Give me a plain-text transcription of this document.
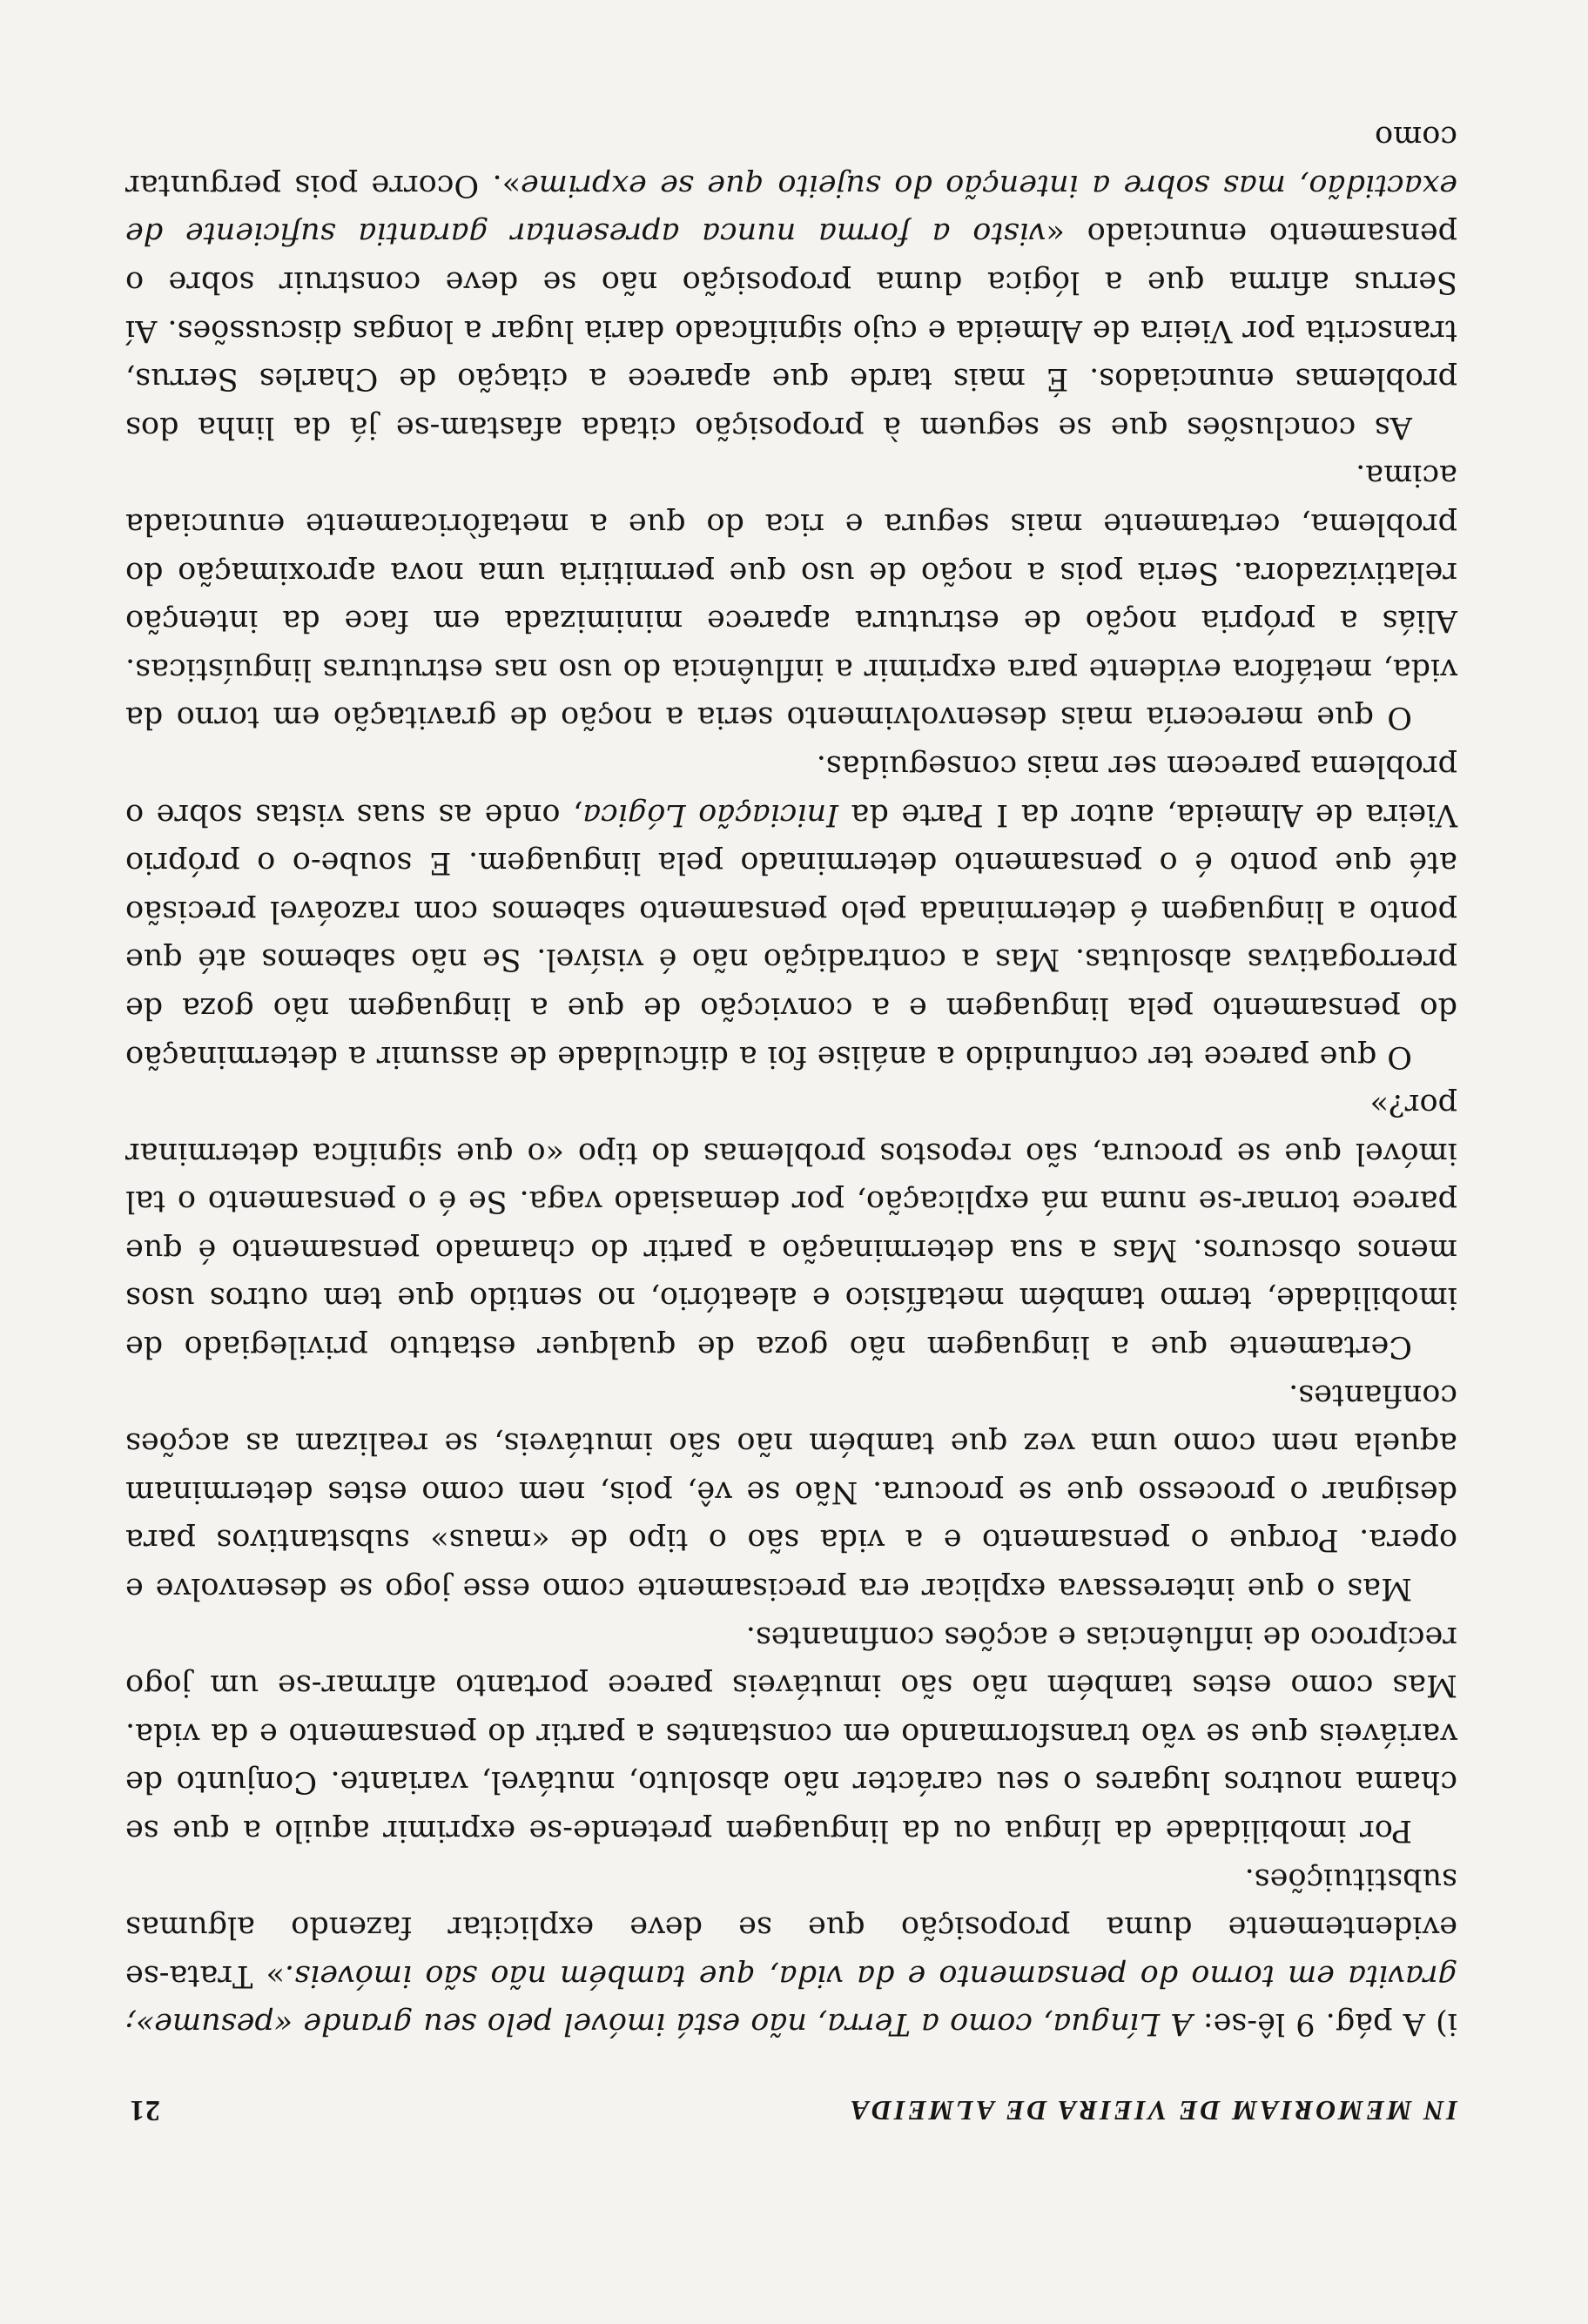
IN MEMORIAM DE VIEIRA DE ALMEIDA
21

i) A pág. 9 lê-se: A Língua, como a Terra, não está imóvel pelo seu grande «pesume»; gravita em torno do pensamento e da vida, que também não são imóveis.» Trata-se evidentemente duma proposição que se deve explicitar fazendo algumas substituições.

Por imobilidade da língua ou da linguagem pretende-se exprimir aquilo a que se chama noutros lugares o seu carácter não absoluto, mutável, variante. Conjunto de variáveis que se vão transformando em constantes a partir do pensamento e da vida. Mas como estes também não são imutáveis parece portanto afirmar-se um jogo recíproco de influências e acções confinantes.

Mas o que interessava explicar era precisamente como esse jogo se desenvolve e opera. Porque o pensamento e a vida são o tipo de «maus» substantivos para designar o processo que se procura. Não se vê, pois, nem como estes determinam aquela nem como uma vez que também não são imutáveis, se realizam as acções confiantes.

Certamente que a linguagem não goza de qualquer estatuto privilegiado de imobilidade, termo também metafísico e aleatório, no sentido que tem outros usos menos obscuros. Mas a sua determinação a partir do chamado pensamento é que parece tornar-se numa má explicação, por demasiado vaga. Se é o pensamento o tal imóvel que se procura, são repostos problemas do tipo «o que significa determinar por?»

O que parece ter confundido a análise foi a dificuldade de assumir a determinação do pensamento pela linguagem e a convicção de que a linguagem não goza de prerrogativas absolutas. Mas a contradição não é visível. Se não sabemos até que ponto a linguagem é determinada pelo pensamento sabemos com razoável precisão até que ponto é o pensamento determinado pela linguagem. E soube-o o próprio Vieira de Almeida, autor da I Parte da Iniciação Lógica, onde as suas vistas sobre o problema parecem ser mais conseguidas.

O que merecería mais desenvolvimento seria a noção de gravitação em torno da vida, metáfora evidente para exprimir a influência do uso nas estruturas linguísticas. Aliás a própria noção de estrutura aparece minimizada em face da intenção relativizadora. Seria pois a noção de uso que permitiria uma nova aproximação do problema, certamente mais segura e rica do que a metafòricamente enunciada acima.

As conclusões que se seguem à proposição citada afastam-se já da linha dos problemas enunciados. É mais tarde que aparece a citação de Charles Serrus, transcrita por Vieira de Almeida e cujo significado daria lugar a longas discussões. Aí Serrus afirma que a lógica duma proposição não se deve construir sobre o pensamento enunciado «visto a forma nunca apresentar garantia suficiente de exactidão, mas sobre a intenção do sujeito que se exprime». Ocorre pois perguntar como
